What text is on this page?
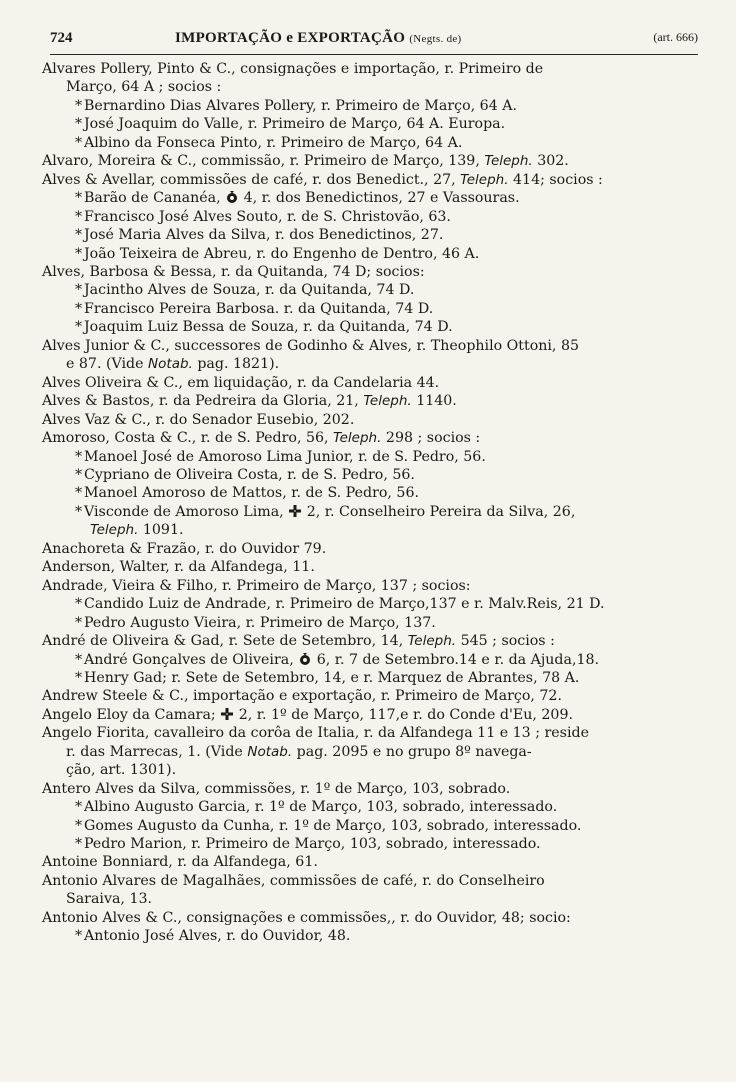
724	IMPORTAÇÃO e EXPORTAÇÃO (Negts. de)	(art. 666)

Alvares Pollery, Pinto & C., consignações e importação, r. Primeiro de

Março, 64 A ; socios :

* Bernardino Dias Alvares Pollery, r. Primeiro de Março, 64 A.

* José Joaquim do Valle, r. Primeiro de Março, 64 A. Europa.

* Albino da Fonseca Pinto, r. Primeiro de Março, 64 A.

Alvaro, Moreira & C., commissão, r. Primeiro de Março, 139, Teleph. 302.

Alves & Avellar, commissões de café, r. dos Benedict., 27, Teleph. 414; socios :

* Barão de Cananéa,  4, r. dos Benedictinos, 27 e Vassouras.

* Francisco José Alves Souto, r. de S. Christovão, 63.

* José Maria Alves da Silva, r. dos Benedictinos, 27.

* João Teixeira de Abreu, r. do Engenho de Dentro, 46 A.

Alves, Barbosa & Bessa, r. da Quitanda, 74 D; socios:

* Jacintho Alves de Souza, r. da Quitanda, 74 D.

* Francisco Pereira Barbosa. r. da Quitanda, 74 D.

* Joaquim Luiz Bessa de Souza, r. da Quitanda, 74 D.

Alves Junior & C., successores de Godinho & Alves, r. Theophilo Ottoni, 85

e 87. (Vide Notab. pag. 1821).

Alves Oliveira & C., em liquidação, r. da Candelaria 44.

Alves & Bastos, r. da Pedreira da Gloria, 21, Teleph. 1140.

Alves Vaz & C., r. do Senador Eusebio, 202.

Amoroso, Costa & C., r. de S. Pedro, 56, Teleph. 298 ; socios :

* Manoel José de Amoroso Lima Junior, r. de S. Pedro, 56.

* Cypriano de Oliveira Costa, r. de S. Pedro, 56.

* Manoel Amoroso de Mattos, r. de S. Pedro, 56.

* Visconde de Amoroso Lima,  2, r. Conselheiro Pereira da Silva, 26,

Teleph. 1091.

Anachoreta & Frazão, r. do Ouvidor 79.

Anderson, Walter, r. da Alfandega, 11.

Andrade, Vieira & Filho, r. Primeiro de Março, 137 ; socios:

* Candido Luiz de Andrade, r. Primeiro de Março,137 e r. Malv.Reis, 21 D.

* Pedro Augusto Vieira, r. Primeiro de Março, 137.

André de Oliveira & Gad, r. Sete de Setembro, 14, Teleph. 545 ; socios :

* André Gonçalves de Oliveira,  6, r. 7 de Setembro.14 e r. da Ajuda,18.

* Henry Gad; r. Sete de Setembro, 14, e r. Marquez de Abrantes, 78 A.

Andrew Steele & C., importação e exportação, r. Primeiro de Março, 72.

Angelo Eloy da Camara;  2, r. 1º de Março, 117,e r. do Conde d'Eu, 209.

Angelo Fiorita, cavalleiro da corôa de Italia, r. da Alfandega 11 e 13 ; reside

r. das Marrecas, 1. (Vide Notab. pag. 2095 e no grupo 8º navega-

ção, art. 1301).

Antero Alves da Silva, commissões, r. 1º de Março, 103, sobrado.

* Albino Augusto Garcia, r. 1º de Março, 103, sobrado, interessado.

* Gomes Augusto da Cunha, r. 1º de Março, 103, sobrado, interessado.

* Pedro Marion, r. Primeiro de Março, 103, sobrado, interessado.

Antoine Bonniard, r. da Alfandega, 61.

Antonio Alvares de Magalhães, commissões de café, r. do Conselheiro

Saraiva, 13.

Antonio Alves & C., consignações e commissões,, r. do Ouvidor, 48; socio:

* Antonio José Alves, r. do Ouvidor, 48.
